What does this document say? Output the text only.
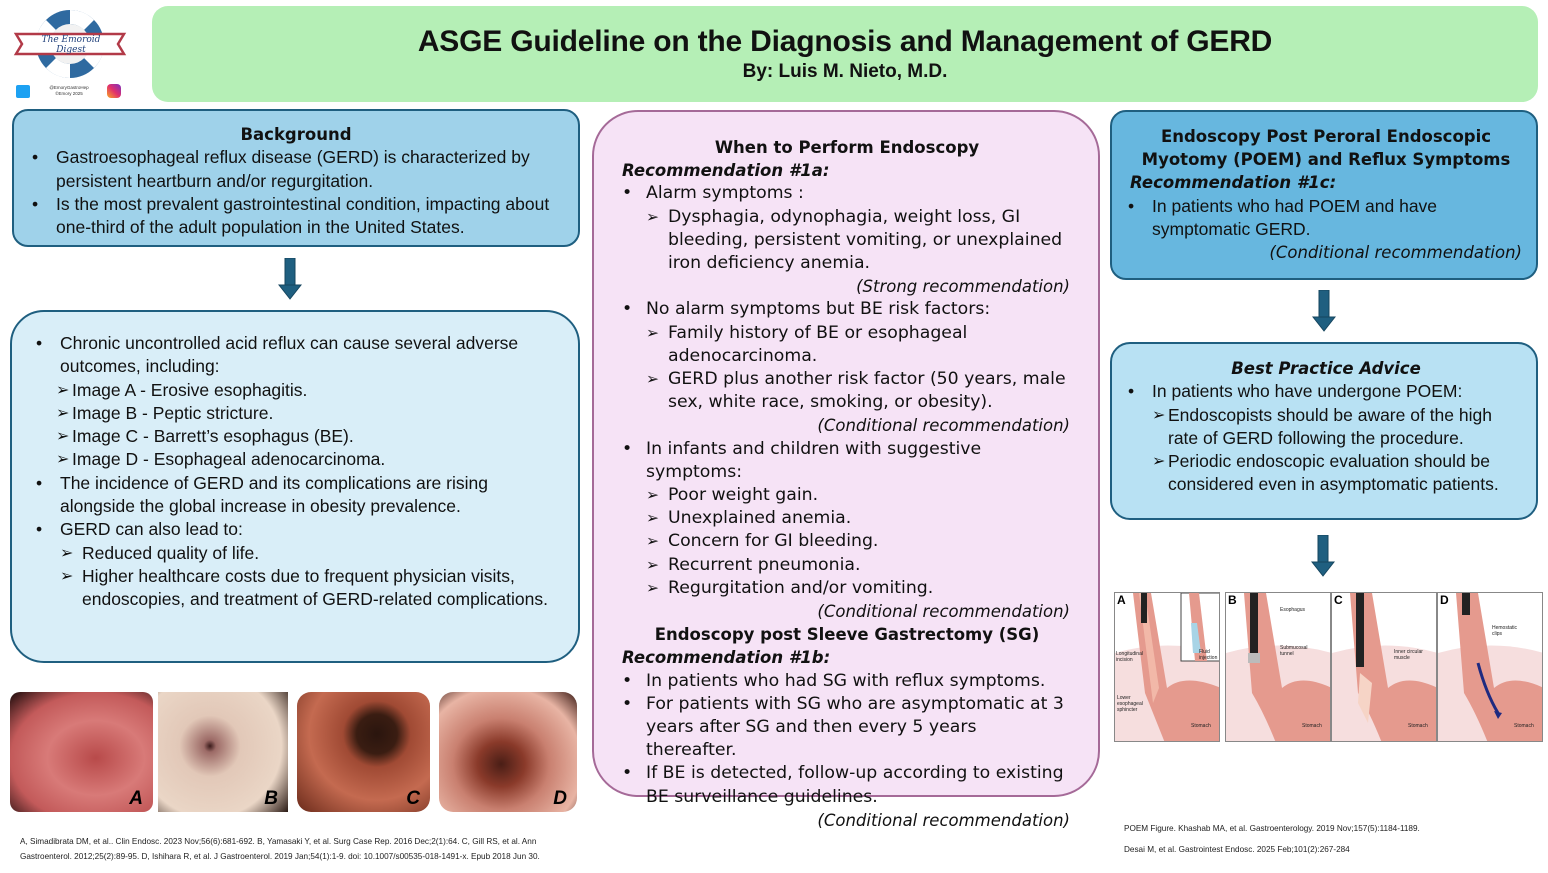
The Emoroid Digest
@EmoryGastroHep
©Emory 2025
ASGE Guideline on the Diagnosis and Management of GERD
By: Luis M. Nieto, M.D.
Background
• Gastroesophageal reflux disease (GERD) is characterized by persistent heartburn and/or regurgitation.
• Is the most prevalent gastrointestinal condition, impacting about one-third of the adult population in the United States.
• Chronic uncontrolled acid reflux can cause several adverse outcomes, including:
➢ Image A - Erosive esophagitis.
➢ Image B - Peptic stricture.
➢ Image C - Barrett’s esophagus (BE).
➢ Image D - Esophageal adenocarcinoma.
• The incidence of GERD and its complications are rising alongside the global increase in obesity prevalence.
• GERD can also lead to:
➢ Reduced quality of life.
➢ Higher healthcare costs due to frequent physician visits, endoscopies, and treatment of GERD-related complications.
A	B	C	D
A, Simadibrata DM, et al.. Clin Endosc. 2023 Nov;56(6):681-692. B, Yamasaki Y, et al. Surg Case Rep. 2016 Dec;2(1):64. C, Gill RS, et al. Ann
Gastroenterol. 2012;25(2):89-95. D, Ishihara R, et al. J Gastroenterol. 2019 Jan;54(1):1-9. doi: 10.1007/s00535-018-1491-x. Epub 2018 Jun 30.
When to Perform Endoscopy
Recommendation #1a:
• Alarm symptoms :
➢ Dysphagia, odynophagia, weight loss, GI bleeding, persistent vomiting, or unexplained iron deficiency anemia.
(Strong recommendation)
• No alarm symptoms but BE risk factors:
➢ Family history of BE or esophageal adenocarcinoma.
➢ GERD plus another risk factor (50 years, male sex, white race, smoking, or obesity).
(Conditional recommendation)
• In infants and children with suggestive symptoms:
➢ Poor weight gain.
➢ Unexplained anemia.
➢ Concern for GI bleeding.
➢ Recurrent pneumonia.
➢ Regurgitation and/or vomiting.
(Conditional recommendation)
Endoscopy post Sleeve Gastrectomy (SG)
Recommendation #1b:
• In patients who had SG with reflux symptoms.
• For patients with SG who are asymptomatic at 3 years after SG and then every 5 years thereafter.
• If BE is detected, follow-up according to existing BE surveillance guidelines.
(Conditional recommendation)
Endoscopy Post Peroral Endoscopic Myotomy (POEM) and Reflux Symptoms
Recommendation #1c:
• In patients who had POEM and have symptomatic GERD.
(Conditional recommendation)
Best Practice Advice
• In patients who have undergone POEM:
➢ Endoscopists should be aware of the high rate of GERD following the procedure.
➢ Periodic endoscopic evaluation should be considered even in asymptomatic patients.
A
Longitudinal incision
Fluid injection
Lower esophageal sphincter
Stomach
B
Esophagus
Submucosal tunnel
Stomach
C
Inner circular muscle
Stomach
D
Hemostatic clips
Stomach
POEM Figure. Khashab MA, et al. Gastroenterology. 2019 Nov;157(5):1184-1189.
Desai M, et al. Gastrointest Endosc. 2025 Feb;101(2):267-284
